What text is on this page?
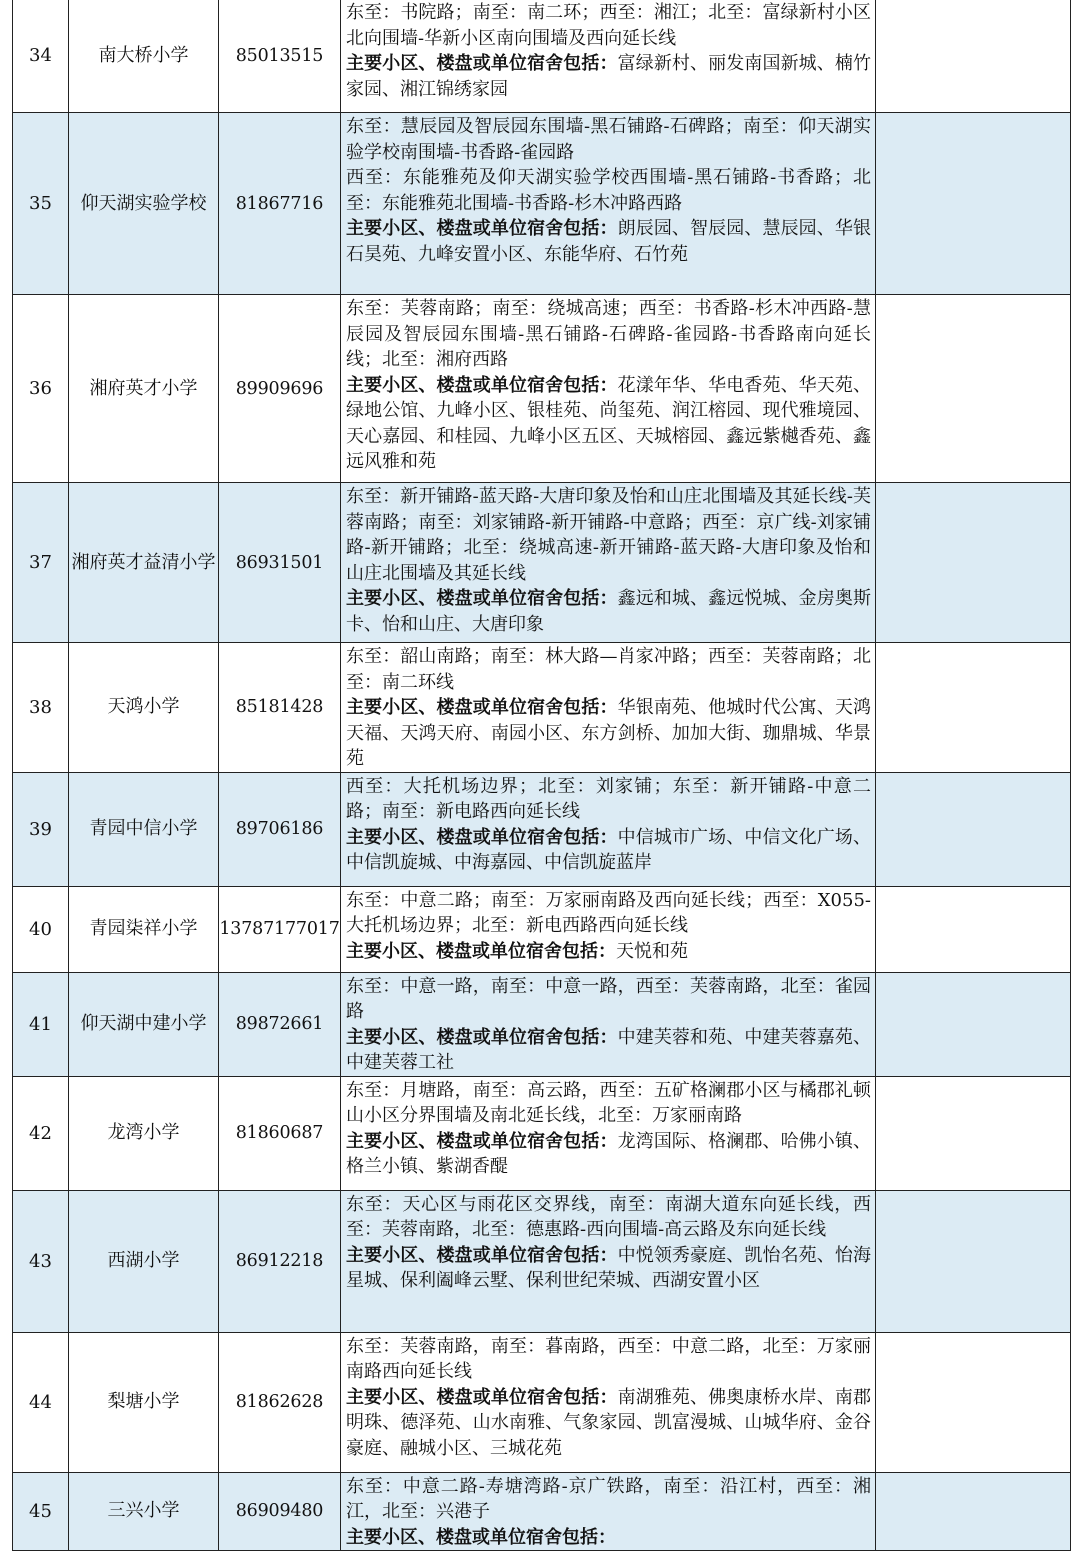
34	南大桥小学	85013515	东至：书院路；南至：南二环；西至：湘江；北至：富绿新村小区北向围墙-华新小区南向围墙及西向延长线
主要小区、楼盘或单位宿舍包括：富绿新村、丽发南国新城、楠竹家园、湘江锦绣家园	
35	仰天湖实验学校	81867716	东至：慧辰园及智辰园东围墙-黑石铺路-石碑路；南至：仰天湖实验学校南围墙-书香路-雀园路
西至：东能雅苑及仰天湖实验学校西围墙-黑石铺路-书香路；北至：东能雅苑北围墙-书香路-杉木冲路西路
主要小区、楼盘或单位宿舍包括：朗辰园、智辰园、慧辰园、华银石昊苑、九峰安置小区、东能华府、石竹苑	
36	湘府英才小学	89909696	东至：芙蓉南路；南至：绕城高速；西至：书香路-杉木冲西路-慧辰园及智辰园东围墙-黑石铺路-石碑路-雀园路-书香路南向延长线；北至：湘府西路
主要小区、楼盘或单位宿舍包括：花漾年华、华电香苑、华天苑、绿地公馆、九峰小区、银桂苑、尚玺苑、润江榕园、现代雅境园、天心嘉园、和桂园、九峰小区五区、天城榕园、鑫远紫樾香苑、鑫远风雅和苑	
37	湘府英才益清小学	86931501	东至：新开铺路-蓝天路-大唐印象及怡和山庄北围墙及其延长线-芙蓉南路；南至：刘家铺路-新开铺路-中意路；西至：京广线-刘家铺路-新开铺路；北至：绕城高速-新开铺路-蓝天路-大唐印象及怡和山庄北围墙及其延长线
主要小区、楼盘或单位宿舍包括：鑫远和城、鑫远悦城、金房奥斯卡、怡和山庄、大唐印象	
38	天鸿小学	85181428	东至：韶山南路；南至：林大路—肖家冲路；西至：芙蓉南路；北至：南二环线
主要小区、楼盘或单位宿舍包括：华银南苑、他城时代公寓、天鸿天福、天鸿天府、南园小区、东方剑桥、加加大街、珈鼎城、华景苑	
39	青园中信小学	89706186	西至：大托机场边界；北至：刘家铺；东至：新开铺路-中意二路；南至：新电路西向延长线
主要小区、楼盘或单位宿舍包括：中信城市广场、中信文化广场、中信凯旋城、中海嘉园、中信凯旋蓝岸	
40	青园柒祥小学	13787177017	东至：中意二路；南至：万家丽南路及西向延长线；西至：X055-大托机场边界；北至：新电西路西向延长线
主要小区、楼盘或单位宿舍包括：天悦和苑	
41	仰天湖中建小学	89872661	东至：中意一路，南至：中意一路，西至：芙蓉南路，北至：雀园路
主要小区、楼盘或单位宿舍包括：中建芙蓉和苑、中建芙蓉嘉苑、中建芙蓉工社	
42	龙湾小学	81860687	东至：月塘路，南至：高云路，西至：五矿格澜郡小区与橘郡礼顿山小区分界围墙及南北延长线，北至：万家丽南路
主要小区、楼盘或单位宿舍包括：龙湾国际、格澜郡、哈佛小镇、格兰小镇、紫湖香醍	
43	西湖小学	86912218	东至：天心区与雨花区交界线，南至：南湖大道东向延长线，西至：芙蓉南路，北至：德惠路-西向围墙-高云路及东向延长线
主要小区、楼盘或单位宿舍包括：中悦领秀豪庭、凯怡名苑、怡海星城、保利阖峰云墅、保利世纪荣城、西湖安置小区	
44	梨塘小学	81862628	东至：芙蓉南路，南至：暮南路，西至：中意二路，北至：万家丽南路西向延长线
主要小区、楼盘或单位宿舍包括：南湖雅苑、佛奥康桥水岸、南郡明珠、德泽苑、山水南雅、气象家园、凯富漫城、山城华府、金谷豪庭、融城小区、三城花苑	
45	三兴小学	86909480	东至：中意二路-寿塘湾路-京广铁路，南至：沿江村，西至：湘江，北至：兴港子
主要小区、楼盘或单位宿舍包括：	
